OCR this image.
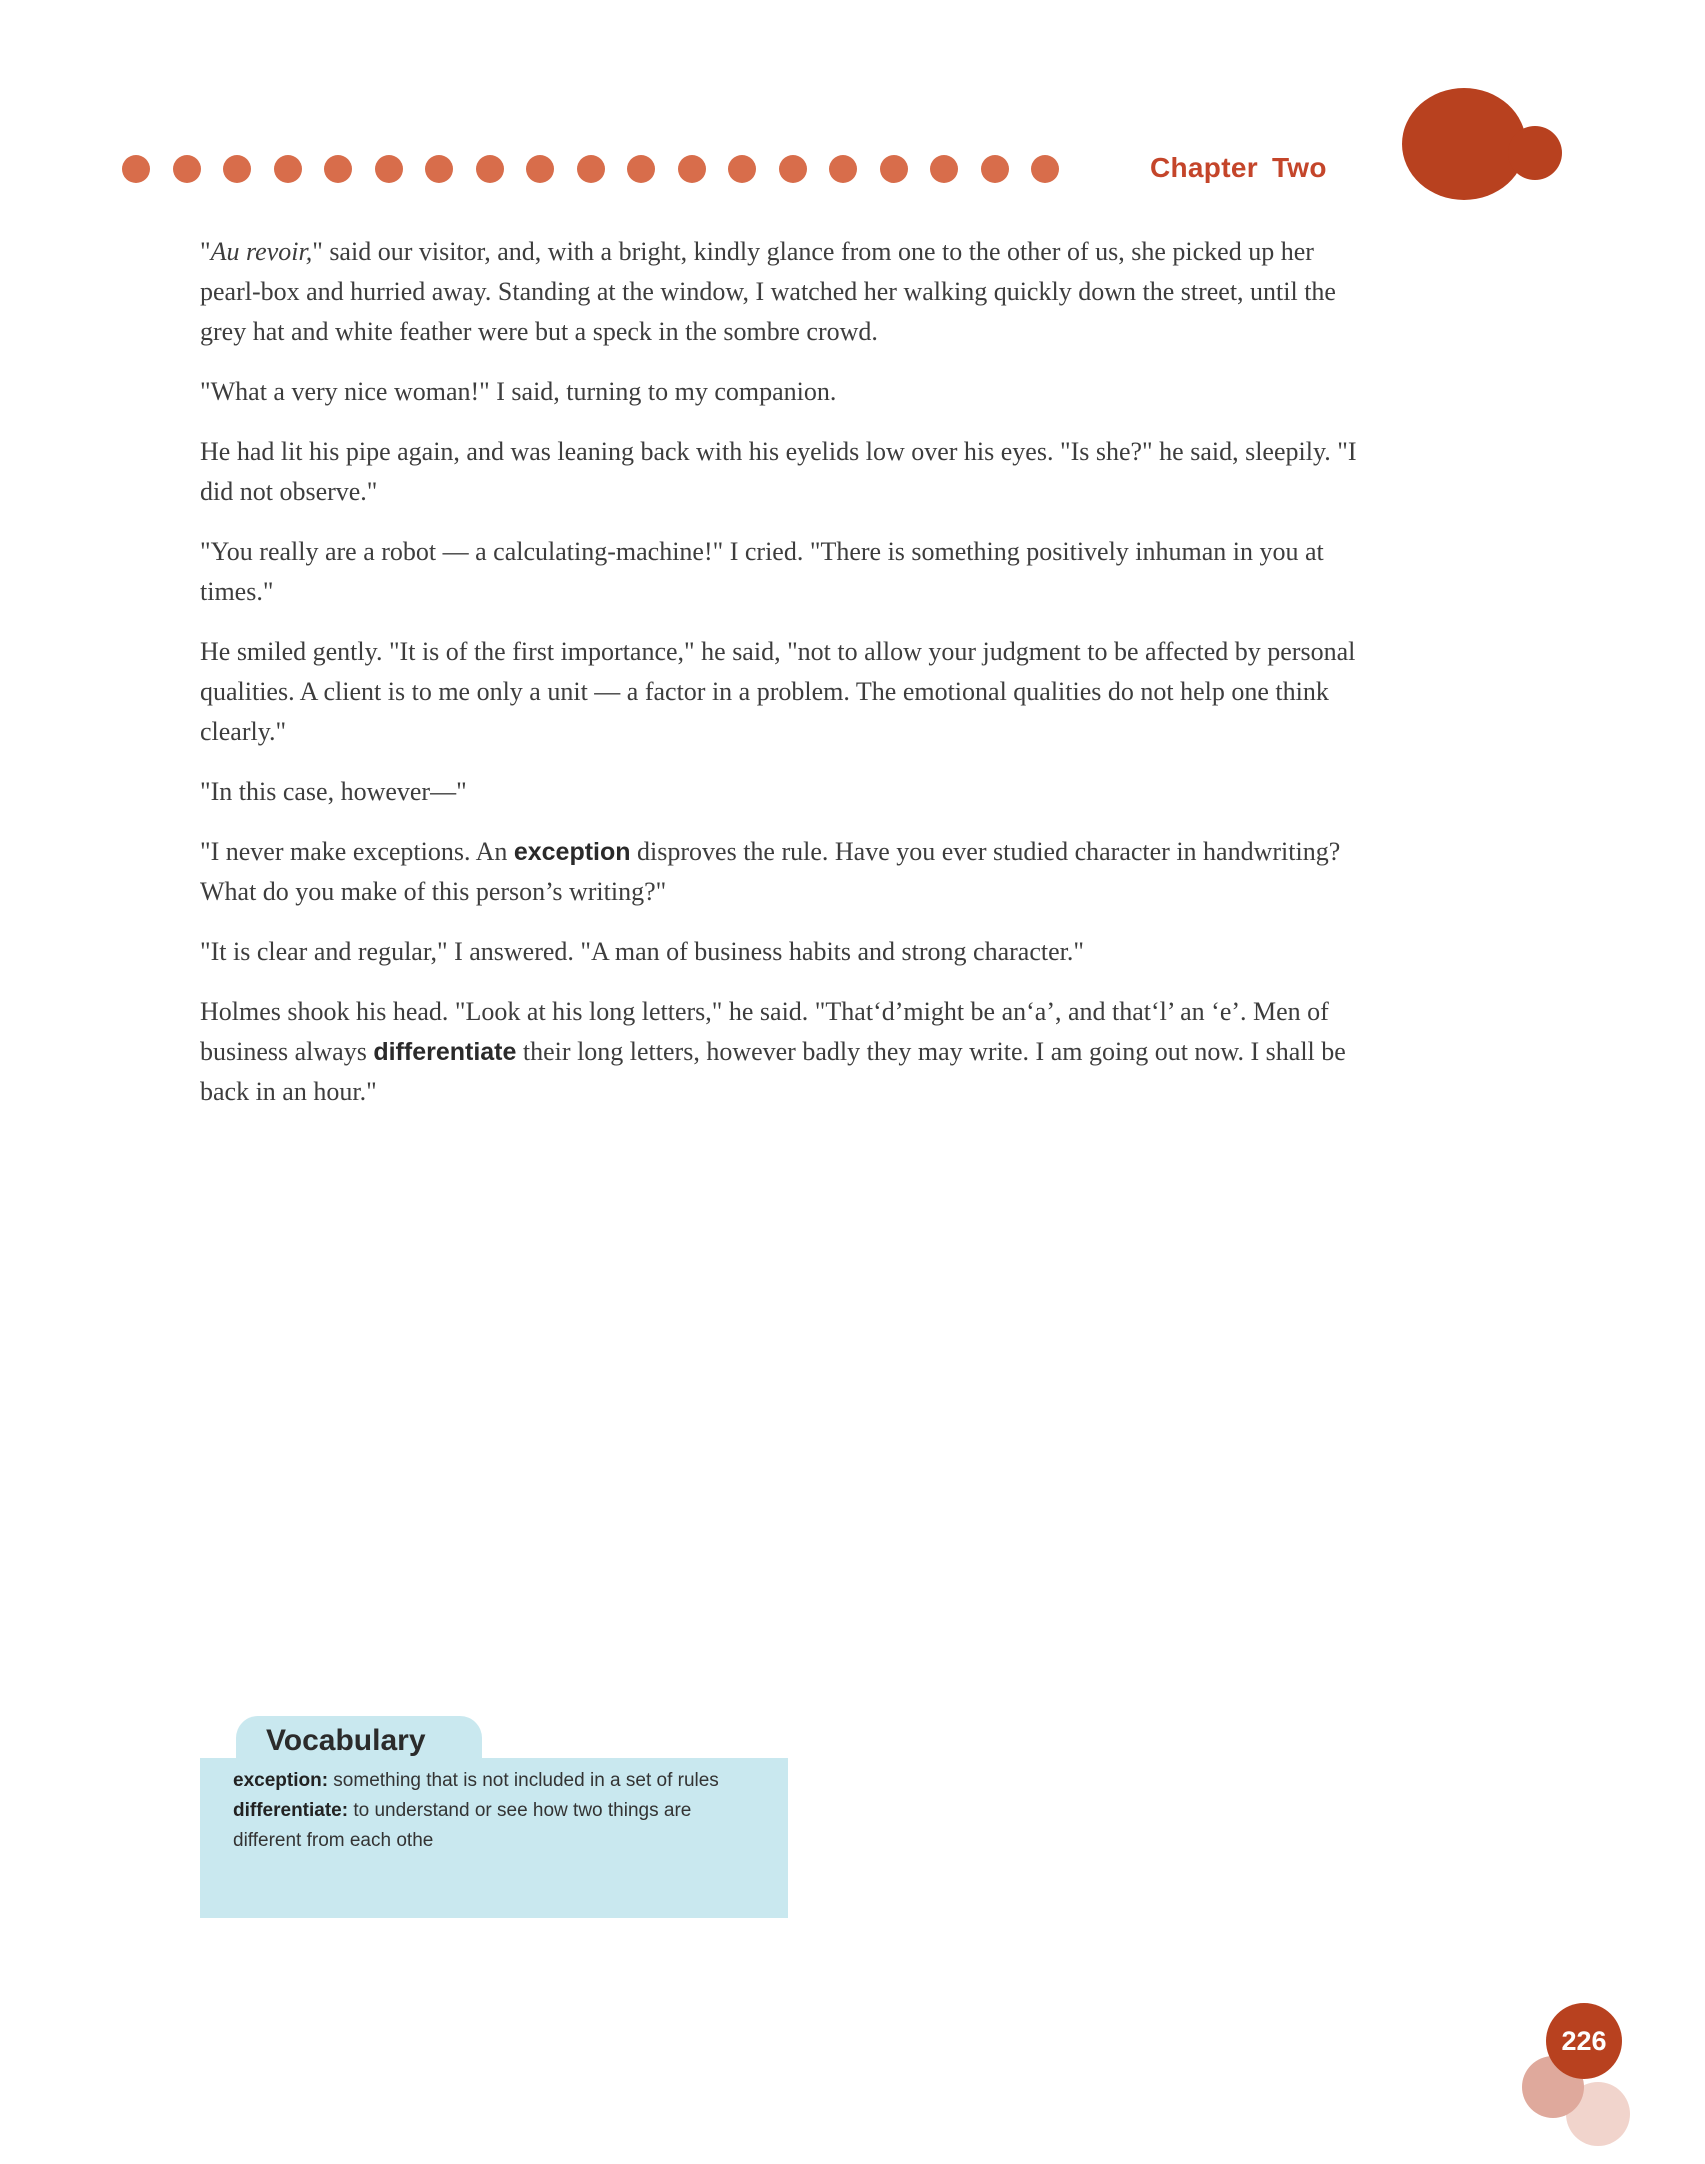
Chapter Two

"Au revoir," said our visitor, and, with a bright, kindly glance from one to the other of us, she picked up her pearl-box and hurried away. Standing at the window, I watched her walking quickly down the street, until the grey hat and white feather were but a speck in the sombre crowd.

"What a very nice woman!" I said, turning to my companion.

He had lit his pipe again, and was leaning back with his eyelids low over his eyes. "Is she?" he said, sleepily. "I did not observe."

"You really are a robot — a calculating-machine!" I cried. "There is something positively inhuman in you at times."

He smiled gently. "It is of the first importance," he said, "not to allow your judgment to be affected by personal qualities. A client is to me only a unit — a factor in a problem. The emotional qualities do not help one think clearly."

"In this case, however—"

"I never make exceptions. An exception disproves the rule. Have you ever studied character in handwriting? What do you make of this person’s writing?"

"It is clear and regular," I answered. "A man of business habits and strong character."

Holmes shook his head. "Look at his long letters," he said. "That‘d’might be an‘a’, and that‘l’ an ‘e’. Men of business always differentiate their long letters, however badly they may write. I am going out now. I shall be back in an hour."

Vocabulary
exception: something that is not included in a set of rules
differentiate: to understand or see how two things are different from each othe
226
